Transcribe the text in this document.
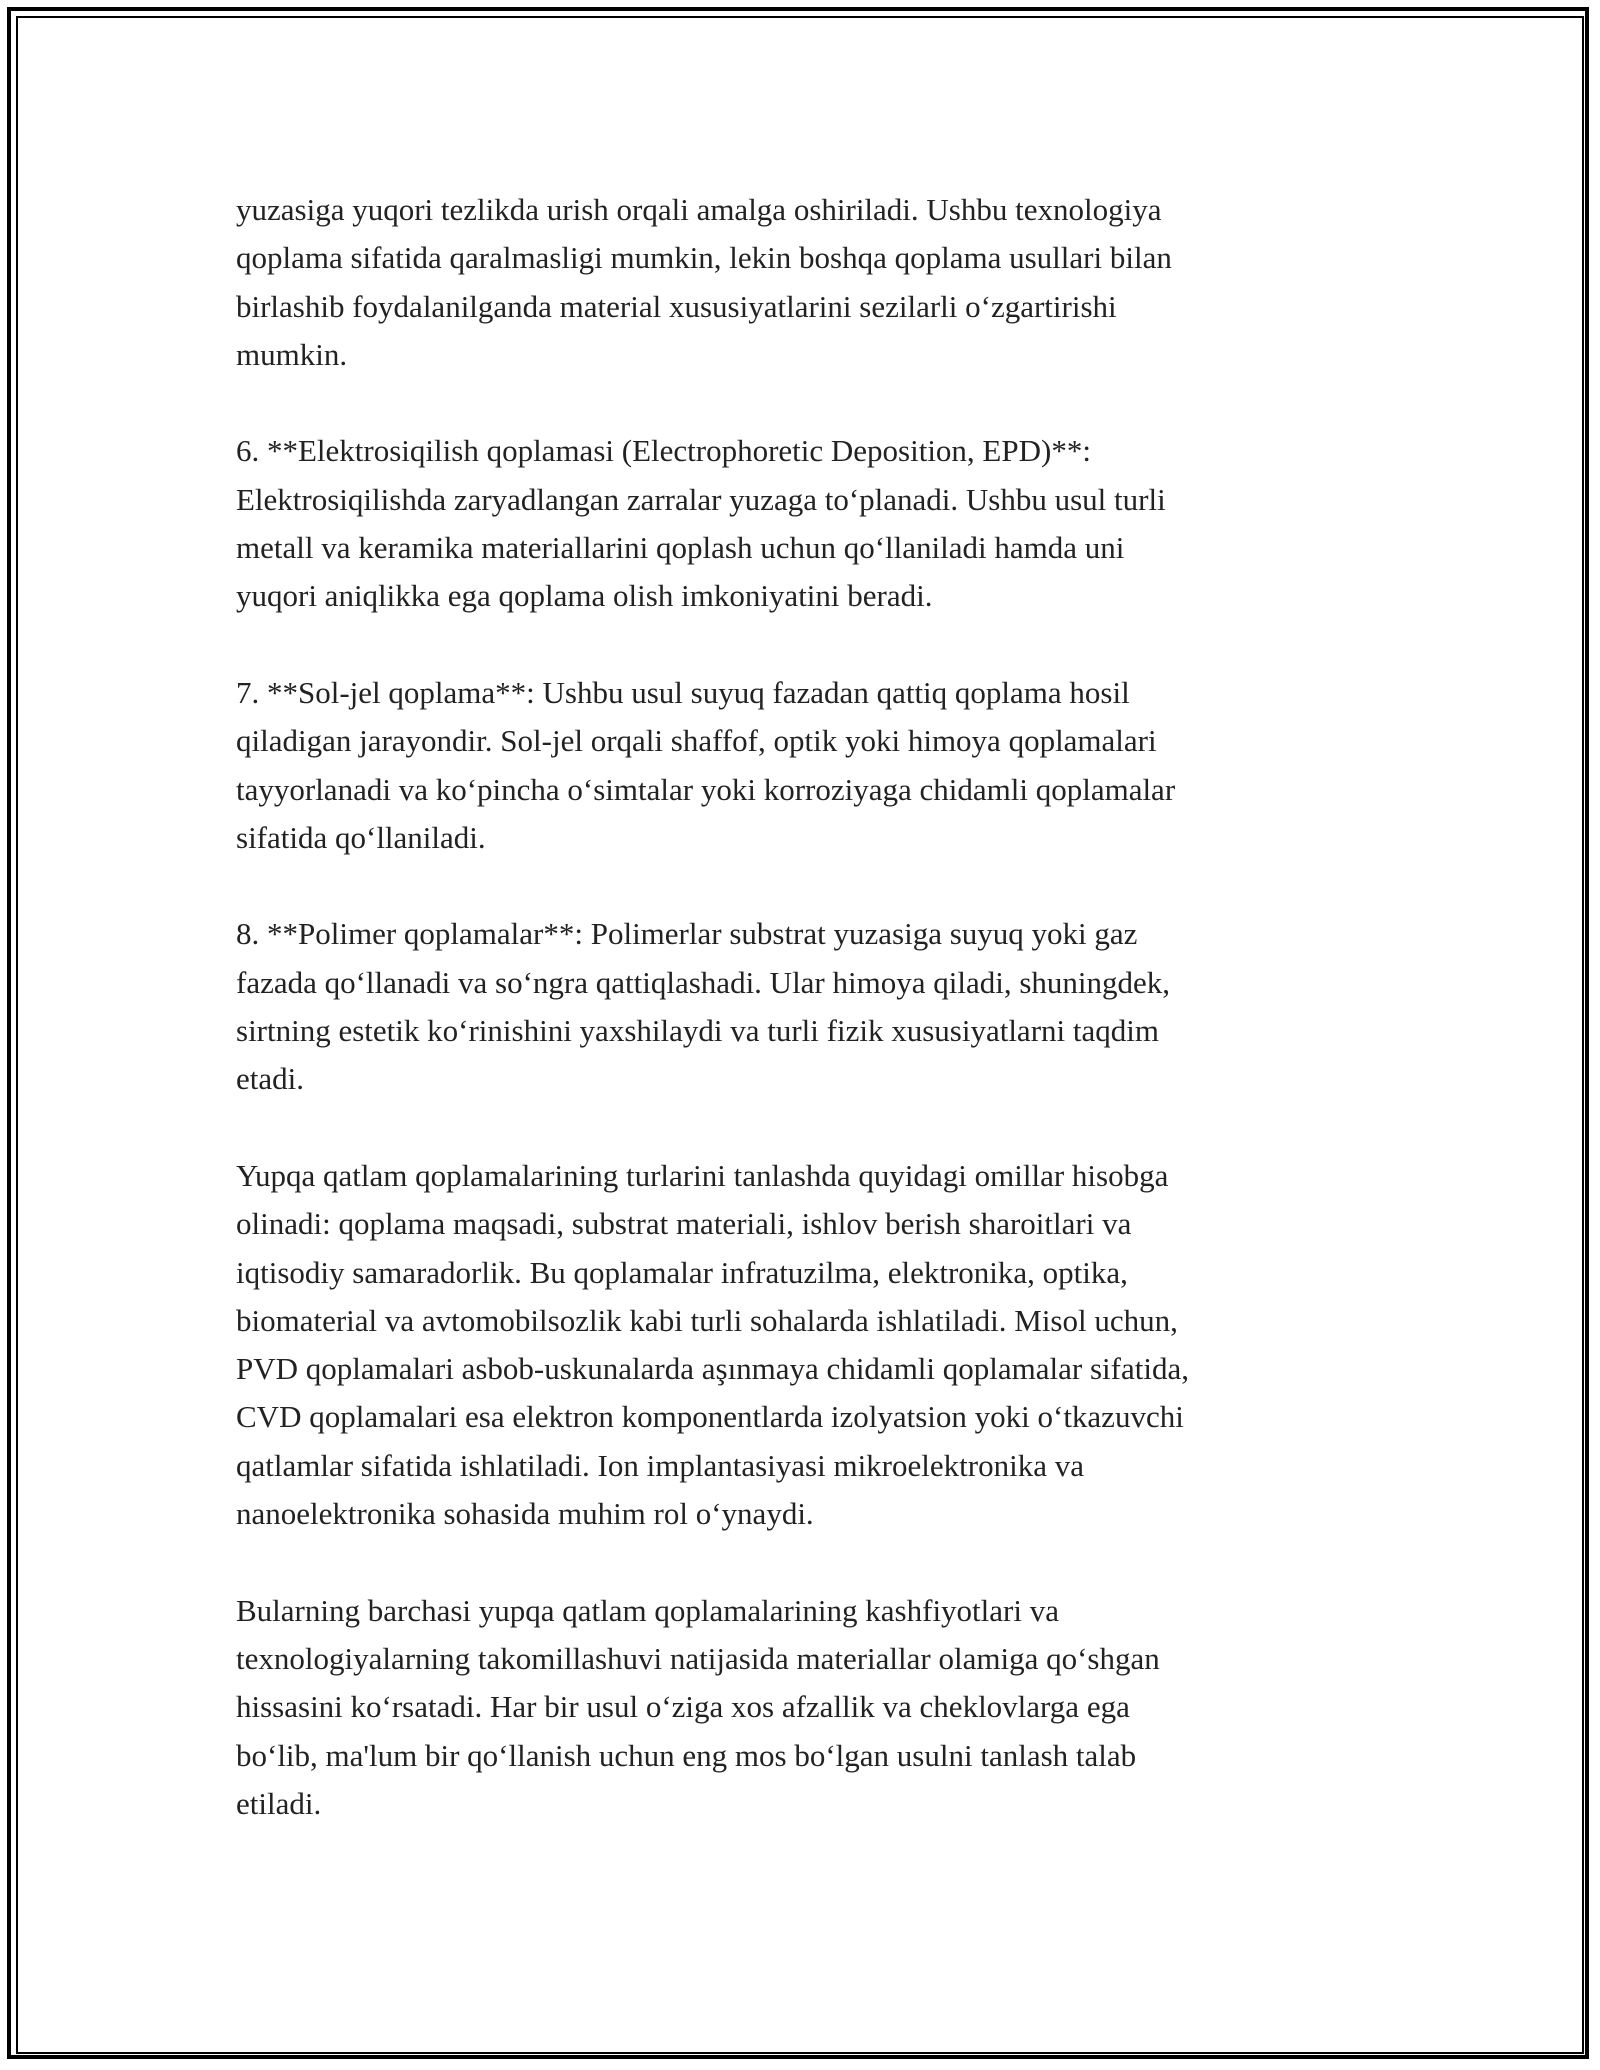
yuzasiga yuqori tezlikda urish orqali amalga oshiriladi. Ushbu texnologiya
qoplama sifatida qaralmasligi mumkin, lekin boshqa qoplama usullari bilan
birlashib foydalanilganda material xususiyatlarini sezilarli o‘zgartirishi
mumkin.

6. **Elektrosiqilish qoplamasi (Electrophoretic Deposition, EPD)**:
Elektrosiqilishda zaryadlangan zarralar yuzaga to‘planadi. Ushbu usul turli
metall va keramika materiallarini qoplash uchun qo‘llaniladi hamda uni
yuqori aniqlikka ega qoplama olish imkoniyatini beradi.

7. **Sol-jel qoplama**: Ushbu usul suyuq fazadan qattiq qoplama hosil
qiladigan jarayondir. Sol-jel orqali shaffof, optik yoki himoya qoplamalari
tayyorlanadi va ko‘pincha o‘simtalar yoki korroziyaga chidamli qoplamalar
sifatida qo‘llaniladi.

8. **Polimer qoplamalar**: Polimerlar substrat yuzasiga suyuq yoki gaz
fazada qo‘llanadi va so‘ngra qattiqlashadi. Ular himoya qiladi, shuningdek,
sirtning estetik ko‘rinishini yaxshilaydi va turli fizik xususiyatlarni taqdim
etadi.

Yupqa qatlam qoplamalarining turlarini tanlashda quyidagi omillar hisobga
olinadi: qoplama maqsadi, substrat materiali, ishlov berish sharoitlari va
iqtisodiy samaradorlik. Bu qoplamalar infratuzilma, elektronika, optika,
biomaterial va avtomobilsozlik kabi turli sohalarda ishlatiladi. Misol uchun,
PVD qoplamalari asbob-uskunalarda aşınmaya chidamli qoplamalar sifatida,
CVD qoplamalari esa elektron komponentlarda izolyatsion yoki o‘tkazuvchi
qatlamlar sifatida ishlatiladi. Ion implantasiyasi mikroelektronika va
nanoelektronika sohasida muhim rol o‘ynaydi.

Bularning barchasi yupqa qatlam qoplamalarining kashfiyotlari va
texnologiyalarning takomillashuvi natijasida materiallar olamiga qo‘shgan
hissasini ko‘rsatadi. Har bir usul o‘ziga xos afzallik va cheklovlarga ega
bo‘lib, ma'lum bir qo‘llanish uchun eng mos bo‘lgan usulni tanlash talab
etiladi.
